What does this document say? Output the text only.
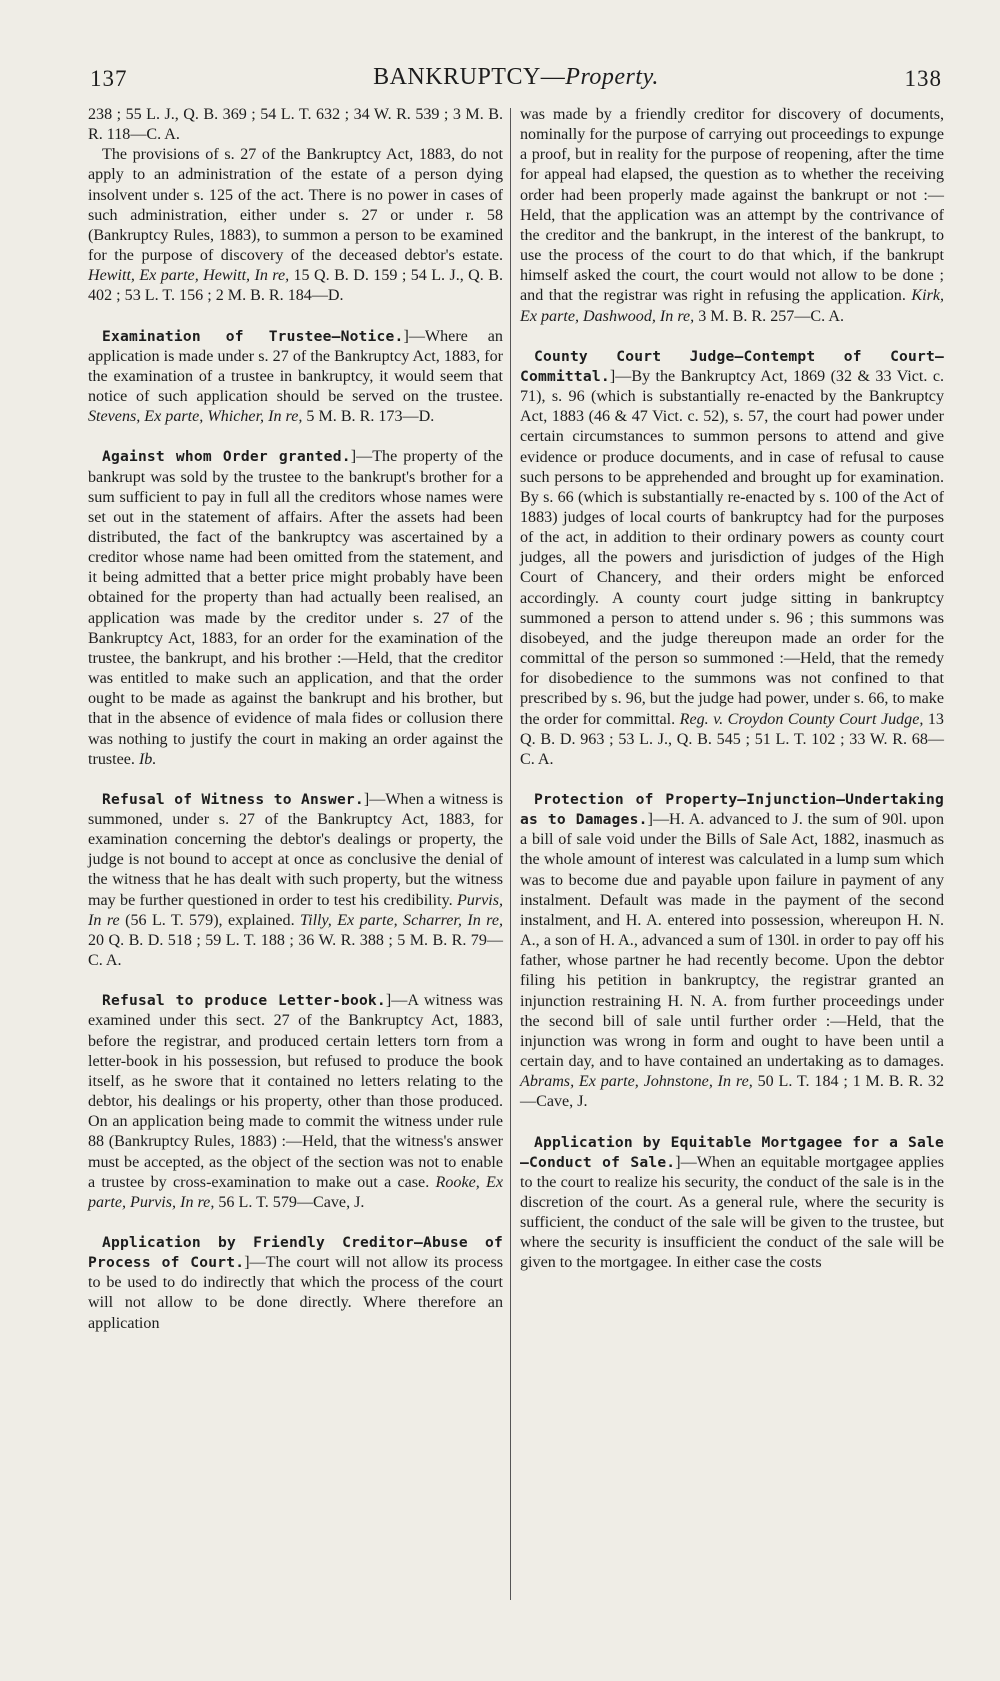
137	BANKRUPTCY—Property.	138

238 ; 55 L. J., Q. B. 369 ; 54 L. T. 632 ; 34 W. R. 539 ; 3 M. B. R. 118—C. A.

The provisions of s. 27 of the Bankruptcy Act, 1883, do not apply to an administration of the estate of a person dying insolvent under s. 125 of the act. There is no power in cases of such administration, either under s. 27 or under r. 58 (Bankruptcy Rules, 1883), to summon a person to be examined for the purpose of discovery of the deceased debtor's estate. Hewitt, Ex parte, Hewitt, In re, 15 Q. B. D. 159 ; 54 L. J., Q. B. 402 ; 53 L. T. 156 ; 2 M. B. R. 184—D.

Examination of Trustee—Notice.]—Where an application is made under s. 27 of the Bankruptcy Act, 1883, for the examination of a trustee in bankruptcy, it would seem that notice of such application should be served on the trustee. Stevens, Ex parte, Whicher, In re, 5 M. B. R. 173—D.

Against whom Order granted.]—The property of the bankrupt was sold by the trustee to the bankrupt's brother for a sum sufficient to pay in full all the creditors whose names were set out in the statement of affairs. After the assets had been distributed, the fact of the bankruptcy was ascertained by a creditor whose name had been omitted from the statement, and it being admitted that a better price might probably have been obtained for the property than had actually been realised, an application was made by the creditor under s. 27 of the Bankruptcy Act, 1883, for an order for the examination of the trustee, the bankrupt, and his brother :—Held, that the creditor was entitled to make such an application, and that the order ought to be made as against the bankrupt and his brother, but that in the absence of evidence of mala fides or collusion there was nothing to justify the court in making an order against the trustee. Ib.

Refusal of Witness to Answer.]—When a witness is summoned, under s. 27 of the Bankruptcy Act, 1883, for examination concerning the debtor's dealings or property, the judge is not bound to accept at once as conclusive the denial of the witness that he has dealt with such property, but the witness may be further questioned in order to test his credibility. Purvis, In re (56 L. T. 579), explained. Tilly, Ex parte, Scharrer, In re, 20 Q. B. D. 518 ; 59 L. T. 188 ; 36 W. R. 388 ; 5 M. B. R. 79—C. A.

Refusal to produce Letter-book.]—A witness was examined under this sect. 27 of the Bankruptcy Act, 1883, before the registrar, and produced certain letters torn from a letter-book in his possession, but refused to produce the book itself, as he swore that it contained no letters relating to the debtor, his dealings or his property, other than those produced. On an application being made to commit the witness under rule 88 (Bankruptcy Rules, 1883) :—Held, that the witness's answer must be accepted, as the object of the section was not to enable a trustee by cross-examination to make out a case. Rooke, Ex parte, Purvis, In re, 56 L. T. 579—Cave, J.

Application by Friendly Creditor—Abuse of Process of Court.]—The court will not allow its process to be used to do indirectly that which the process of the court will not allow to be done directly. Where therefore an application

was made by a friendly creditor for discovery of documents, nominally for the purpose of carrying out proceedings to expunge a proof, but in reality for the purpose of reopening, after the time for appeal had elapsed, the question as to whether the receiving order had been properly made against the bankrupt or not :—Held, that the application was an attempt by the contrivance of the creditor and the bankrupt, in the interest of the bankrupt, to use the process of the court to do that which, if the bankrupt himself asked the court, the court would not allow to be done ; and that the registrar was right in refusing the application. Kirk, Ex parte, Dashwood, In re, 3 M. B. R. 257—C. A.

County Court Judge—Contempt of Court—Committal.]—By the Bankruptcy Act, 1869 (32 & 33 Vict. c. 71), s. 96 (which is substantially re-enacted by the Bankruptcy Act, 1883 (46 & 47 Vict. c. 52), s. 57, the court had power under certain circumstances to summon persons to attend and give evidence or produce documents, and in case of refusal to cause such persons to be apprehended and brought up for examination. By s. 66 (which is substantially re-enacted by s. 100 of the Act of 1883) judges of local courts of bankruptcy had for the purposes of the act, in addition to their ordinary powers as county court judges, all the powers and jurisdiction of judges of the High Court of Chancery, and their orders might be enforced accordingly. A county court judge sitting in bankruptcy summoned a person to attend under s. 96 ; this summons was disobeyed, and the judge thereupon made an order for the committal of the person so summoned :—Held, that the remedy for disobedience to the summons was not confined to that prescribed by s. 96, but the judge had power, under s. 66, to make the order for committal. Reg. v. Croydon County Court Judge, 13 Q. B. D. 963 ; 53 L. J., Q. B. 545 ; 51 L. T. 102 ; 33 W. R. 68—C. A.

Protection of Property—Injunction—Undertaking as to Damages.]—H. A. advanced to J. the sum of 90l. upon a bill of sale void under the Bills of Sale Act, 1882, inasmuch as the whole amount of interest was calculated in a lump sum which was to become due and payable upon failure in payment of any instalment. Default was made in the payment of the second instalment, and H. A. entered into possession, whereupon H. N. A., a son of H. A., advanced a sum of 130l. in order to pay off his father, whose partner he had recently become. Upon the debtor filing his petition in bankruptcy, the registrar granted an injunction restraining H. N. A. from further proceedings under the second bill of sale until further order :—Held, that the injunction was wrong in form and ought to have been until a certain day, and to have contained an undertaking as to damages. Abrams, Ex parte, Johnstone, In re, 50 L. T. 184 ; 1 M. B. R. 32—Cave, J.

Application by Equitable Mortgagee for a Sale—Conduct of Sale.]—When an equitable mortgagee applies to the court to realize his security, the conduct of the sale is in the discretion of the court. As a general rule, where the security is sufficient, the conduct of the sale will be given to the trustee, but where the security is insufficient the conduct of the sale will be given to the mortgagee. In either case the costs
